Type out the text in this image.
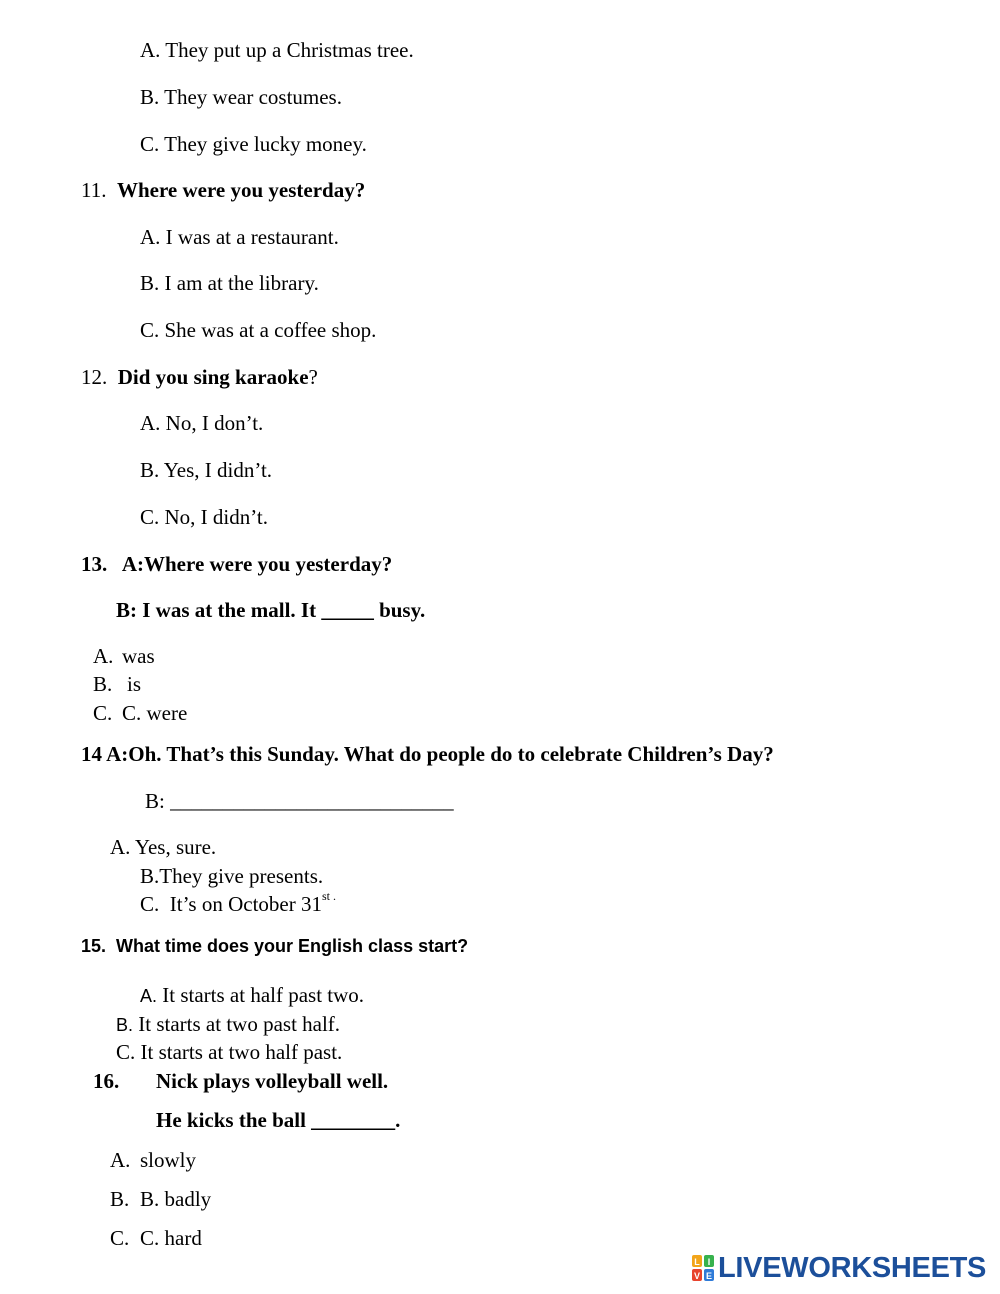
A. They put up a Christmas tree.
B. They wear costumes.
C. They give lucky money.
11. Where were you yesterday?
A. I was at a restaurant.
B. I am at the library.
C. She was at a coffee shop.
12. Did you sing karaoke?
A. No, I don’t.
B. Yes, I didn’t.
C. No, I didn’t.
13.   A:Where were you yesterday?
B: I was at the mall. It _____ busy.
A. was
B. is
C. C. were
14 A:Oh. That’s this Sunday. What do people do to celebrate Children’s Day?
B: ___________________________
A. Yes, sure.
B.They give presents.
C.  It’s on October $31^{st .}$
15.  What time does your English class start?
A. It starts at half past two.
B. It starts at two past half.
C. It starts at two half past.
16. Nick plays volleyball well.
He kicks the ball ________.
A. slowly
B. B. badly
C. C. hard
L I
V E LIVEWORKSHEETS
